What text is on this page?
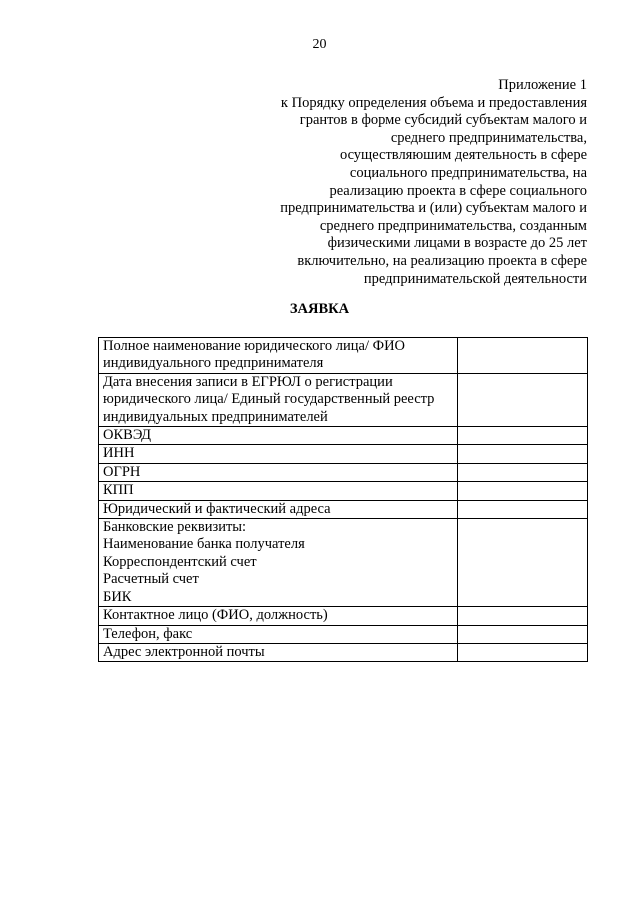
20
Приложение 1
к Порядку определения объема и предоставления
грантов в форме субсидий субъектам малого и
среднего предпринимательства,
осуществляюшим деятельность в сфере
социального предпринимательства, на
реализацию проекта в сфере социального
предпринимательства и (или) субъектам малого и
среднего предпринимательства, созданным
физическими лицами в возрасте до 25 лет
включительно, на реализацию проекта в сфере
предпринимательской деятельности
ЗАЯВКА
Полное наименование юридического лица/ ФИО
индивидуального предпринимателя	

Дата внесения записи в ЕГРЮЛ о регистрации
юридического лица/ Единый государственный реестр
индивидуальных предпринимателей	

ОКВЭД	

ИНН	

ОГРН	

КПП	

Юридический и фактический адреса	

Банковские реквизиты:
Наименование банка получателя
Корреспондентский счет
Расчетный счет
БИК	

Контактное лицо (ФИО, должность)	

Телефон, факс	

Адрес электронной почты	
